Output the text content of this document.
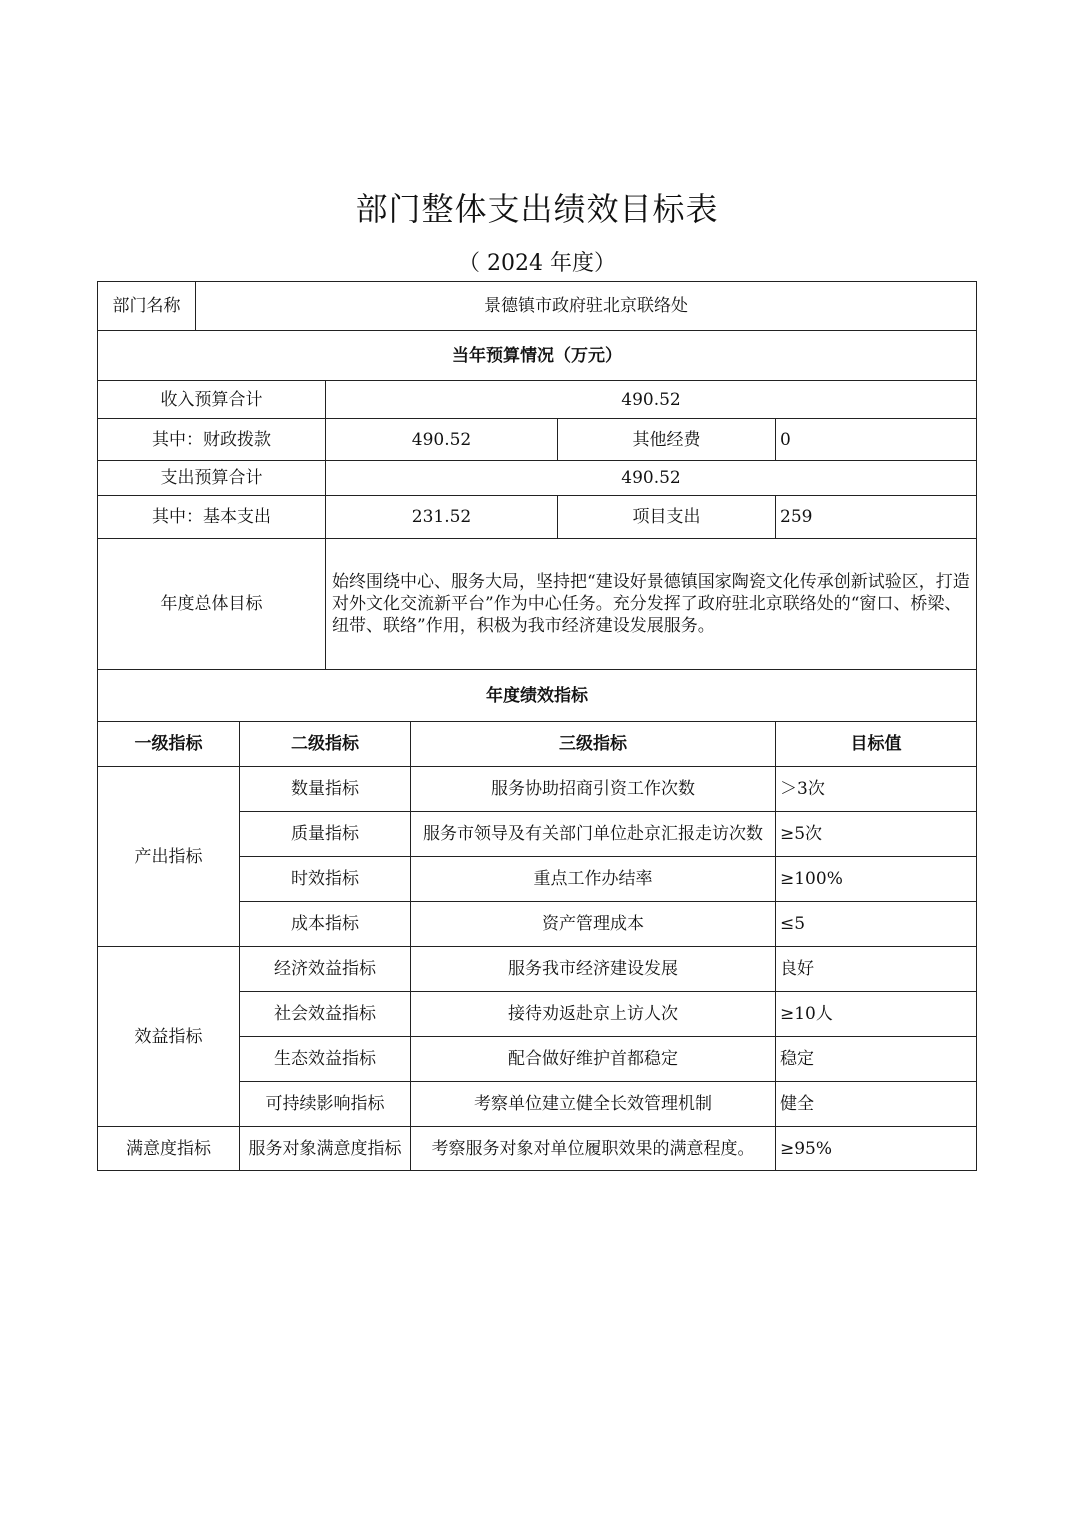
部门整体支出绩效目标表
（ 2024 年度）
部门名称	景德镇市政府驻北京联络处			
当年预算情况（万元）				
收入预算合计		490.52		
其中：财政拨款		490.52	其他经费	0
支出预算合计		490.52		
其中：基本支出		231.52	项目支出	259
年度总体目标		始终围绕中心、服务大局，坚持把“建设好景德镇国家陶瓷文化传承创新试验区，打造对外文化交流新平台”作为中心任务。充分发挥了政府驻北京联络处的“窗口、桥梁、纽带、联络”作用，积极为我市经济建设发展服务。		
年度绩效指标				
一级指标	二级指标	三级指标	目标值
产出指标	数量指标	服务协助招商引资工作次数	＞3次
	质量指标	服务市领导及有关部门单位赴京汇报走访次数	≥5次
	时效指标	重点工作办结率	≥100%
	成本指标	资产管理成本	≤5
效益指标	经济效益指标	服务我市经济建设发展	良好
	社会效益指标	接待劝返赴京上访人次	≥10人
	生态效益指标	配合做好维护首都稳定	稳定
	可持续影响指标	考察单位建立健全长效管理机制	健全
满意度指标	服务对象满意度指标	考察服务对象对单位履职效果的满意程度。	≥95%
